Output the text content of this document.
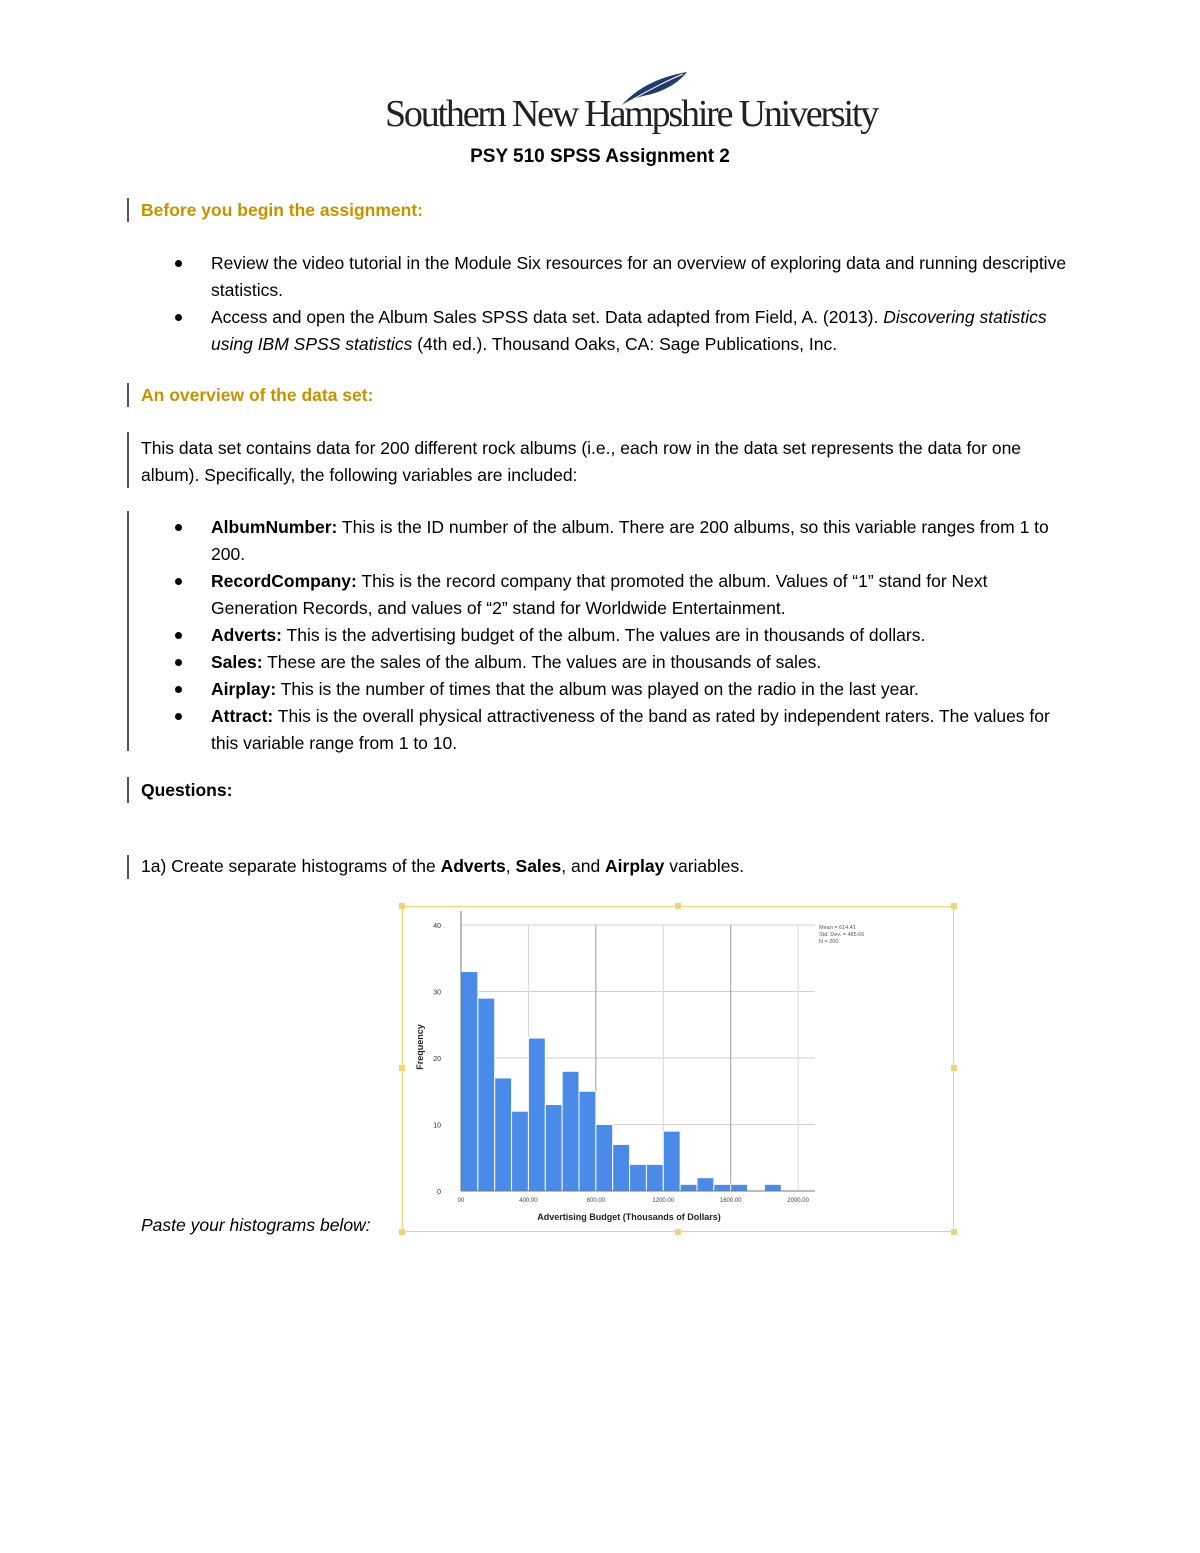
Southern New Hampshire University
PSY 510 SPSS Assignment 2
Before you begin the assignment:
Review the video tutorial in the Module Six resources for an overview of exploring data and running descriptive statistics.
Access and open the Album Sales SPSS data set. Data adapted from Field, A. (2013). Discovering statistics using IBM SPSS statistics (4th ed.). Thousand Oaks, CA: Sage Publications, Inc.
An overview of the data set:
This data set contains data for 200 different rock albums (i.e., each row in the data set represents the data for one album). Specifically, the following variables are included:
AlbumNumber: This is the ID number of the album. There are 200 albums, so this variable ranges from 1 to 200.
RecordCompany: This is the record company that promoted the album. Values of “1” stand for Next Generation Records, and values of “2” stand for Worldwide Entertainment.
Adverts: This is the advertising budget of the album. The values are in thousands of dollars.
Sales: These are the sales of the album. The values are in thousands of sales.
Airplay: This is the number of times that the album was played on the radio in the last year.
Attract: This is the overall physical attractiveness of the band as rated by independent raters. The values for this variable range from 1 to 10.
Questions:
1a) Create separate histograms of the Adverts, Sales, and Airplay variables.
Paste your histograms below:
0
10
20
30
40
00	400.00	800.00	1200.00	1600.00	2000.00
Frequency
Advertising Budget (Thousands of Dollars)
Mean = 614.41
Std. Dev. = 485.66
N = 200
